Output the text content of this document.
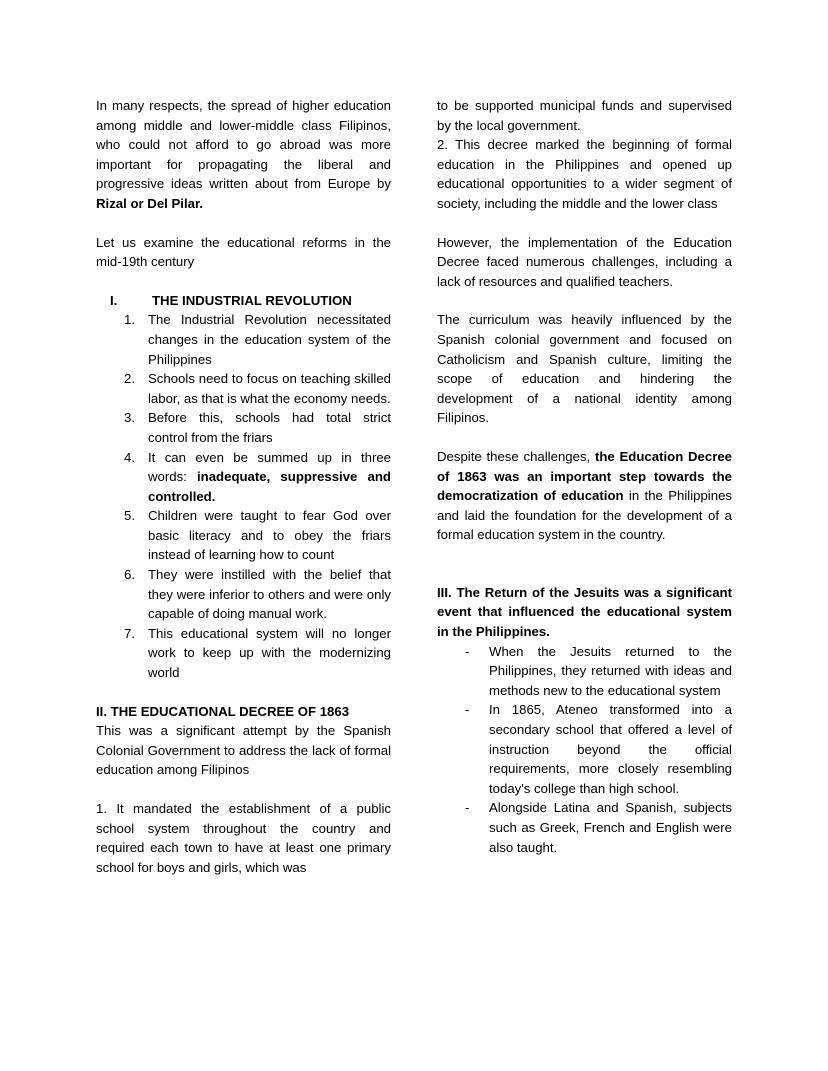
In many respects, the spread of higher education among middle and lower-middle class Filipinos, who could not afford to go abroad was more important for propagating the liberal and progressive ideas written about from Europe by Rizal or Del Pilar.

Let us examine the educational reforms in the mid-19th century

I.	THE INDUSTRIAL REVOLUTION
1. The Industrial Revolution necessitated changes in the education system of the Philippines
2. Schools need to focus on teaching skilled labor, as that is what the economy needs.
3. Before this, schools had total strict control from the friars
4. It can even be summed up in three words: inadequate, suppressive and controlled.
5. Children were taught to fear God over basic literacy and to obey the friars instead of learning how to count
6. They were instilled with the belief that they were inferior to others and were only capable of doing manual work.
7. This educational system will no longer work to keep up with the modernizing world

II. THE EDUCATIONAL DECREE OF 1863

This was a significant attempt by the Spanish Colonial Government to address the lack of formal education among Filipinos

1. It mandated the establishment of a public school system throughout the country and required each town to have at least one primary school for boys and girls, which was

to be supported municipal funds and supervised by the local government.

2. This decree marked the beginning of formal education in the Philippines and opened up educational opportunities to a wider segment of society, including the middle and the lower class

However, the implementation of the Education Decree faced numerous challenges, including a lack of resources and qualified teachers.

The curriculum was heavily influenced by the Spanish colonial government and focused on Catholicism and Spanish culture, limiting the scope of education and hindering the development of a national identity among Filipinos.

Despite these challenges, the Education Decree of 1863 was an important step towards the democratization of education in the Philippines and laid the foundation for the development of a formal education system in the country.

III. The Return of the Jesuits was a significant event that influenced the educational system in the Philippines.

-	When the Jesuits returned to the Philippines, they returned with ideas and methods new to the educational system
-	In 1865, Ateneo transformed into a secondary school that offered a level of instruction beyond the official requirements, more closely resembling today's college than high school.
-	Alongside Latina and Spanish, subjects such as Greek, French and English were also taught.
